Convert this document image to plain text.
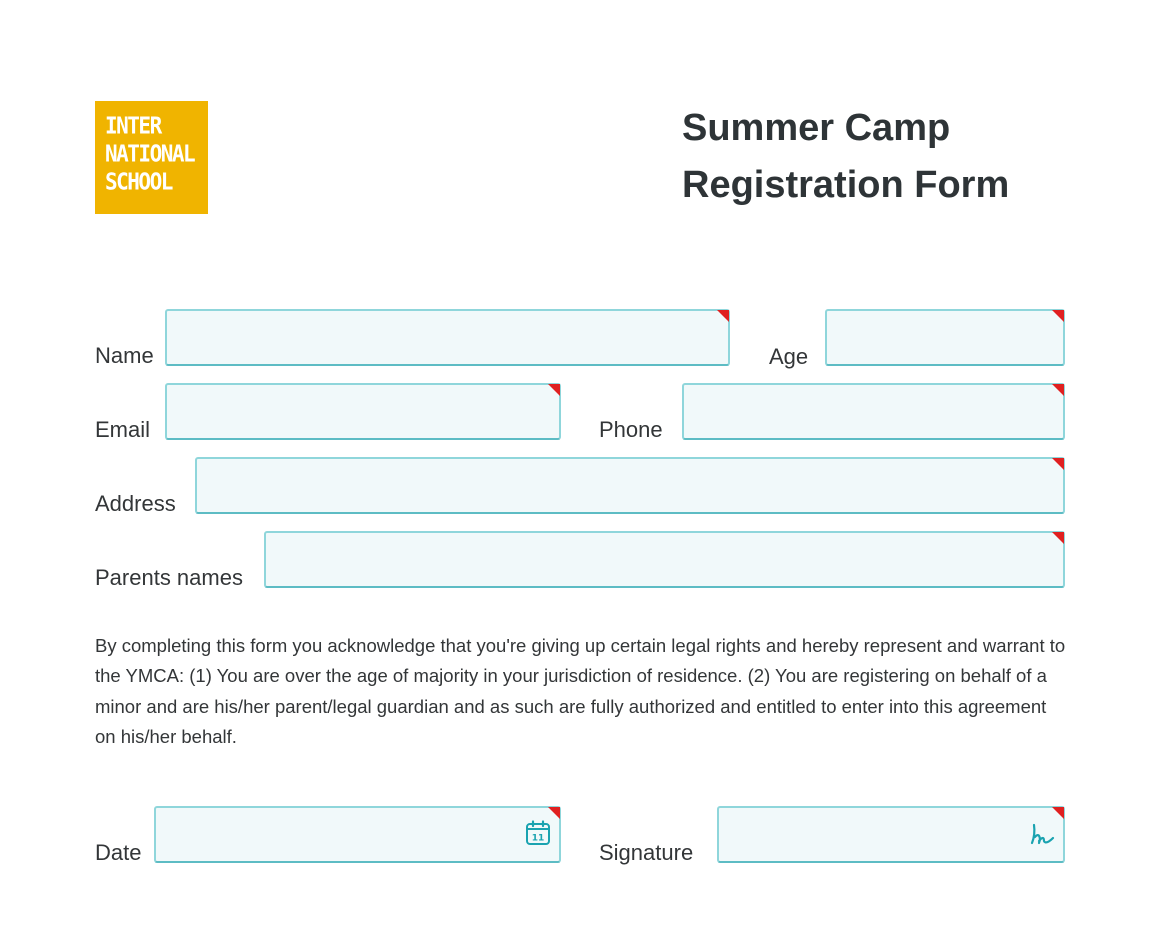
INTER
NATIONAL
SCHOOL
Summer Camp
Registration Form
Name	Age
Email	Phone
Address
Parents names
By completing this form you acknowledge that you're giving up certain legal rights and hereby represent and warrant to the YMCA: (1) You are over the age of majority in your jurisdiction of residence. (2) You are registering on behalf of a minor and are his/her parent/legal guardian and as such are fully authorized and entitled to enter into this agreement on his/her behalf.
Date
11
Signature
